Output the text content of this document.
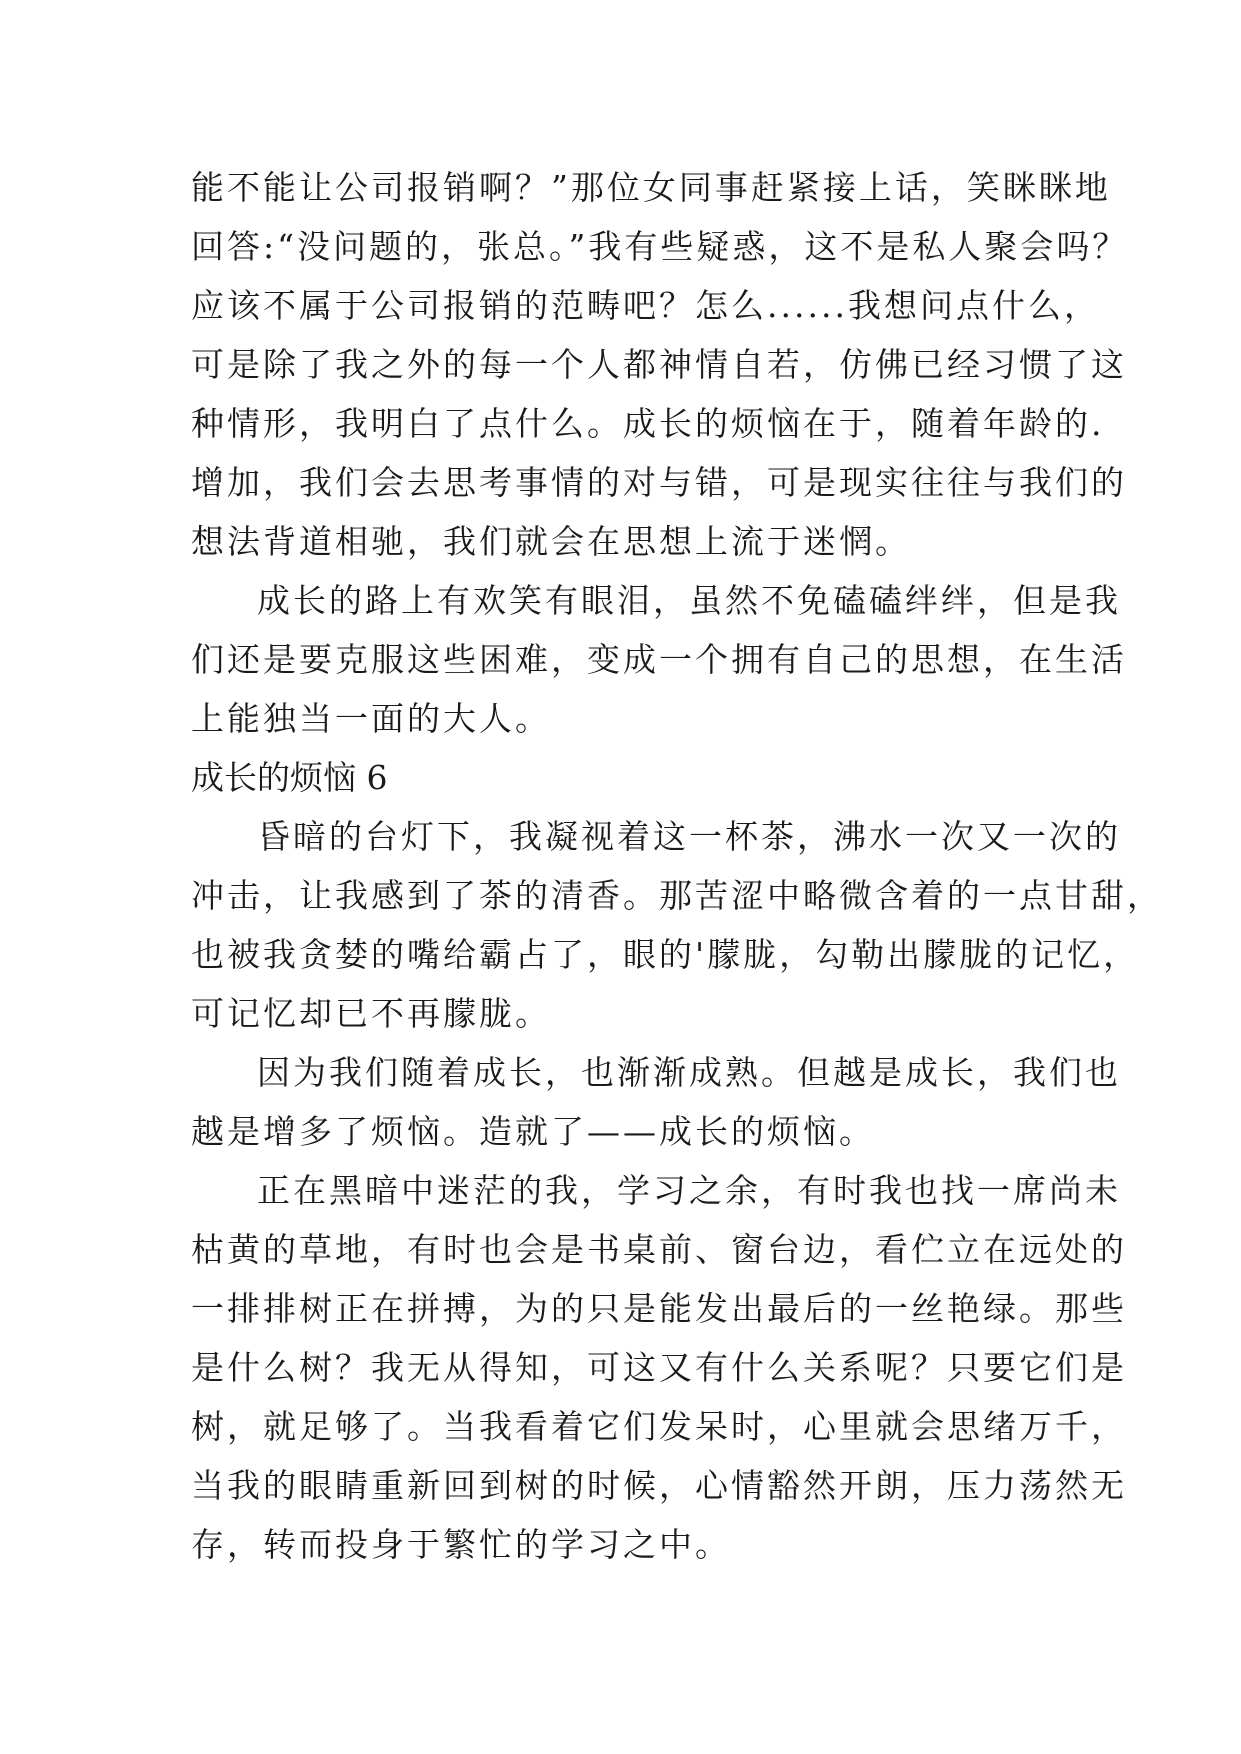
能不能让公司报销啊？”那位女同事赶紧接上话，笑眯眯地
回答:“没问题的，张总。”我有些疑惑，这不是私人聚会吗？
应该不属于公司报销的范畴吧？怎么......我想问点什么，
可是除了我之外的每一个人都神情自若，仿佛已经习惯了这
种情形，我明白了点什么。成长的烦恼在于，随着年龄的.
增加，我们会去思考事情的对与错，可是现实往往与我们的
想法背道相驰，我们就会在思想上流于迷惘。
成长的路上有欢笑有眼泪，虽然不免磕磕绊绊，但是我
们还是要克服这些困难，变成一个拥有自己的思想，在生活
上能独当一面的大人。
成长的烦恼 6
昏暗的台灯下，我凝视着这一杯茶，沸水一次又一次的
冲击，让我感到了茶的清香。那苦涩中略微含着的一点甘甜，
也被我贪婪的嘴给霸占了，眼的'朦胧，勾勒出朦胧的记忆，
可记忆却已不再朦胧。
因为我们随着成长，也渐渐成熟。但越是成长，我们也
越是增多了烦恼。造就了——成长的烦恼。
正在黑暗中迷茫的我，学习之余，有时我也找一席尚未
枯黄的草地，有时也会是书桌前、窗台边，看伫立在远处的
一排排树正在拼搏，为的只是能发出最后的一丝艳绿。那些
是什么树？我无从得知，可这又有什么关系呢？只要它们是
树，就足够了。当我看着它们发呆时，心里就会思绪万千，
当我的眼睛重新回到树的时候，心情豁然开朗，压力荡然无
存，转而投身于繁忙的学习之中。
